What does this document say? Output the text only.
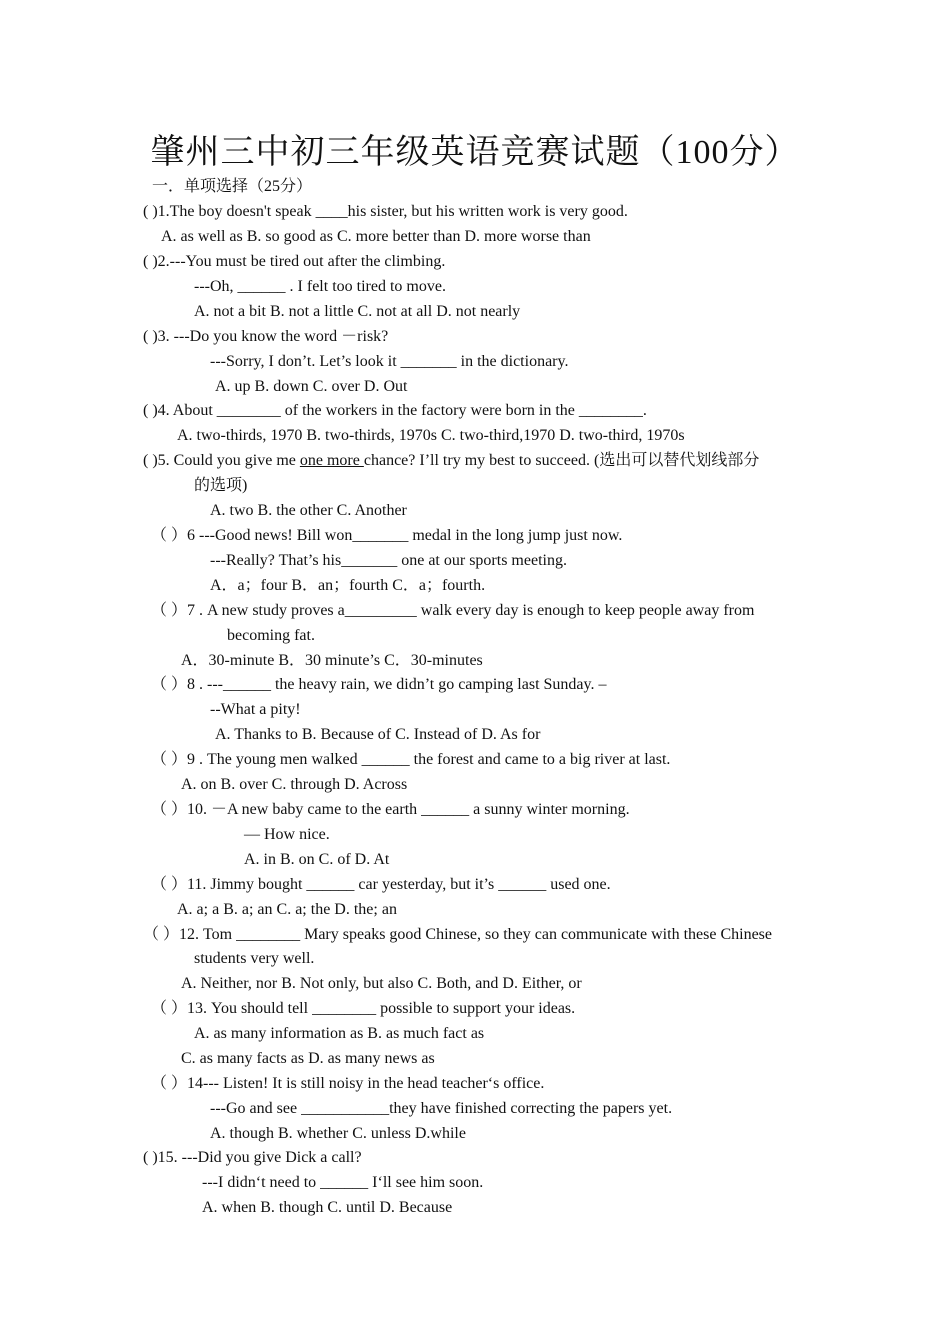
肇州三中初三年级英语竞赛试题（100分）
一．单项选择（25分）
( )1.The boy doesn't speak ____his sister, but his written work is very good.
A. as well as B. so good as C. more better than D. more worse than
( )2.---You must be tired out after the climbing.
---Oh, ______ . I felt too tired to move.
A. not a bit B. not a little C. not at all D. not nearly
( )3. ---Do you know the word －risk?
---Sorry, I don’t. Let’s look it _______ in the dictionary.
A. up B. down C. over D. Out
( )4. About ________ of the workers in the factory were born in the ________.
A. two-thirds, 1970 B. two-thirds, 1970s C. two-third,1970 D. two-third, 1970s
( )5. Could you give me one more chance? I’ll try my best to succeed. (选出可以替代划线部分
的选项)
A. two B. the other C. Another
（ ）6 ---Good news! Bill won_______ medal in the long jump just now.
---Really? That’s his_______ one at our sports meeting.
A．a；four B．an；fourth C．a；fourth.
（ ）7 . A new study proves a_________ walk every day is enough to keep people away from
becoming fat.
A．30-minute B．30 minute’s C．30-minutes
（ ）8 . ---______ the heavy rain, we didn’t go camping last Sunday. –
--What a pity!
A. Thanks to B. Because of C. Instead of D. As for
（ ）9 . The young men walked ______ the forest and came to a big river at last.
A. on B. over C. through D. Across
（ ）10. －A new baby came to the earth ______ a sunny winter morning.
— How nice.
A. in B. on C. of D. At
（ ）11. Jimmy bought ______ car yesterday, but it’s ______ used one.
A. a; a B. a; an C. a; the D. the; an
（ ）12. Tom ________ Mary speaks good Chinese, so they can communicate with these Chinese
students very well.
A. Neither, nor B. Not only, but also C. Both, and D. Either, or
（ ）13. You should tell ________ possible to support your ideas.
A. as many information as B. as much fact as
C. as many facts as D. as many news as
（ ）14--- Listen! It is still noisy in the head teacher‘s office.
---Go and see ___________they have finished correcting the papers yet.
A. though B. whether C. unless D.while
( )15. ---Did you give Dick a call?
---I didn‘t need to ______ I‘ll see him soon.
A. when B. though C. until D. Because
